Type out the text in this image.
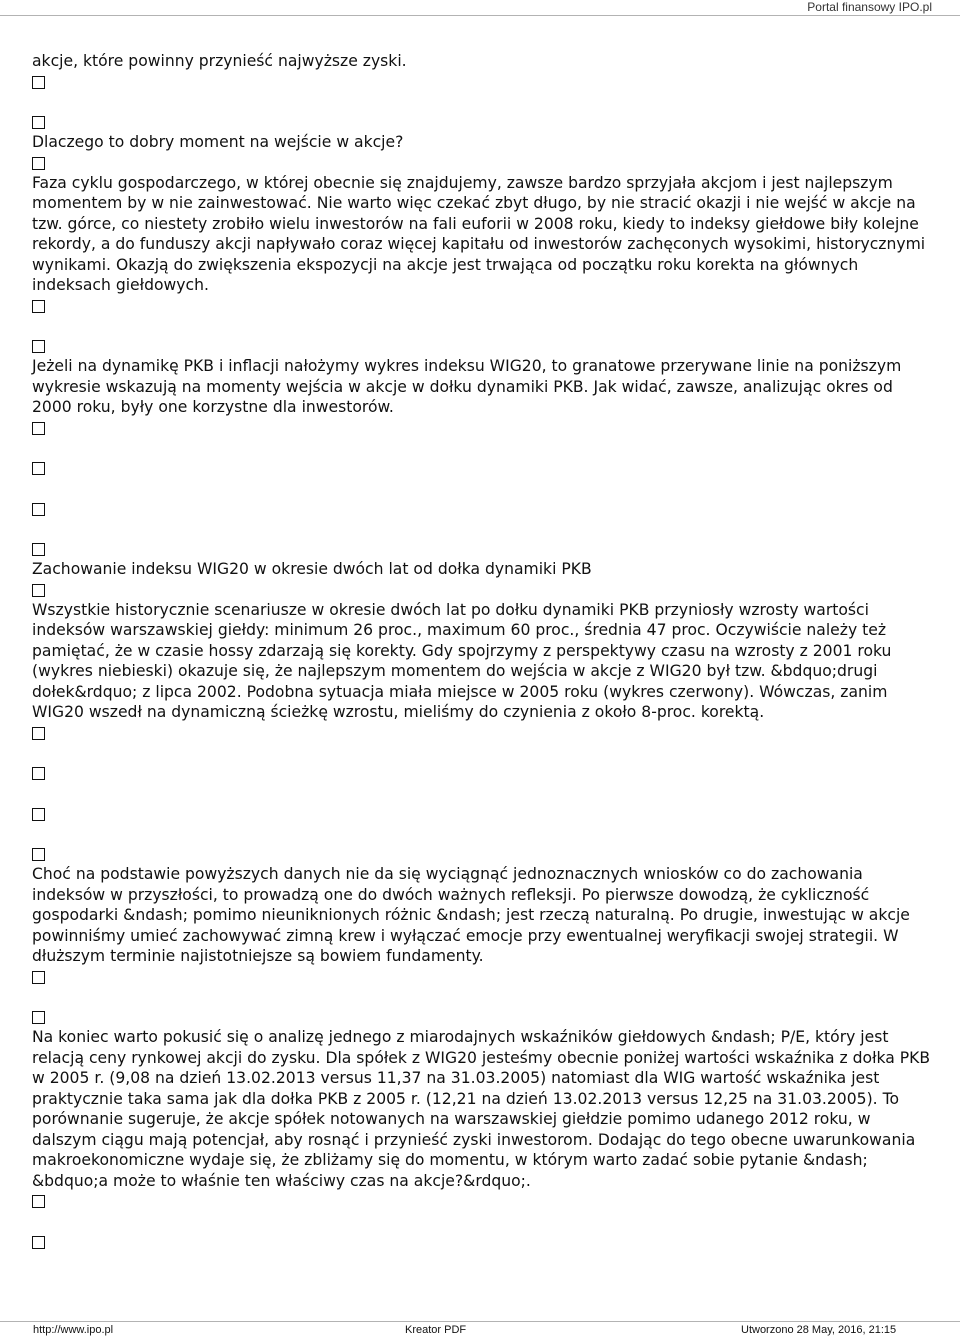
Portal finansowy IPO.pl

akcje, które powinny przynieść najwyższe zyski.

Dlaczego to dobry moment na wejście w akcje?

Faza cyklu gospodarczego, w której obecnie się znajdujemy, zawsze bardzo sprzyjała akcjom i jest najlepszym momentem by w nie zainwestować. Nie warto więc czekać zbyt długo, by nie stracić okazji i nie wejść w akcje na tzw. górce, co niestety zrobiło wielu inwestorów na fali euforii w 2008 roku, kiedy to indeksy giełdowe biły kolejne rekordy, a do funduszy akcji napływało coraz więcej kapitału od inwestorów zachęconych wysokimi, historycznymi wynikami. Okazją do zwiększenia ekspozycji na akcje jest trwająca od początku roku korekta na głównych indeksach giełdowych.

Jeżeli na dynamikę PKB i inflacji nałożymy wykres indeksu WIG20, to granatowe przerywane linie na poniższym wykresie wskazują na momenty wejścia w akcje w dołku dynamiki PKB. Jak widać, zawsze, analizując okres od 2000 roku, były one korzystne dla inwestorów.

Zachowanie indeksu WIG20 w okresie dwóch lat od dołka dynamiki PKB

Wszystkie historycznie scenariusze w okresie dwóch lat po dołku dynamiki PKB przyniosły wzrosty wartości indeksów warszawskiej giełdy: minimum 26 proc., maximum 60 proc., średnia 47 proc. Oczywiście należy też pamiętać, że w czasie hossy zdarzają się korekty. Gdy spojrzymy z perspektywy czasu na wzrosty z 2001 roku (wykres niebieski) okazuje się, że najlepszym momentem do wejścia w akcje z WIG20 był tzw. &bdquo;drugi dołek&rdquo; z lipca 2002. Podobna sytuacja miała miejsce w 2005 roku (wykres czerwony). Wówczas, zanim WIG20 wszedł na dynamiczną ścieżkę wzrostu, mieliśmy do czynienia z około 8-proc. korektą.

Choć na podstawie powyższych danych nie da się wyciągnąć jednoznacznych wniosków co do zachowania indeksów w przyszłości, to prowadzą one do dwóch ważnych refleksji. Po pierwsze dowodzą, że cykliczność gospodarki &ndash; pomimo nieuniknionych różnic &ndash; jest rzeczą naturalną. Po drugie, inwestując w akcje powinniśmy umieć zachowywać zimną krew i wyłączać emocje przy ewentualnej weryfikacji swojej strategii. W dłuższym terminie najistotniejsze są bowiem fundamenty.

Na koniec warto pokusić się o analizę jednego z miarodajnych wskaźników giełdowych &ndash; P/E, który jest relacją ceny rynkowej akcji do zysku. Dla spółek z WIG20 jesteśmy obecnie poniżej wartości wskaźnika z dołka PKB w 2005 r. (9,08 na dzień 13.02.2013 versus 11,37 na 31.03.2005) natomiast dla WIG wartość wskaźnika jest praktycznie taka sama jak dla dołka PKB z 2005 r. (12,21 na dzień 13.02.2013 versus 12,25 na 31.03.2005). To porównanie sugeruje, że akcje spółek notowanych na warszawskiej giełdzie pomimo udanego 2012 roku, w dalszym ciągu mają potencjał, aby rosnąć i przynieść zyski inwestorom. Dodając do tego obecne uwarunkowania makroekonomiczne wydaje się, że zbliżamy się do momentu, w którym warto zadać sobie pytanie &ndash; &bdquo;a może to właśnie ten właściwy czas na akcje?&rdquo;.

http://www.ipo.pl	Kreator PDF	Utworzono 28 May, 2016, 21:15
